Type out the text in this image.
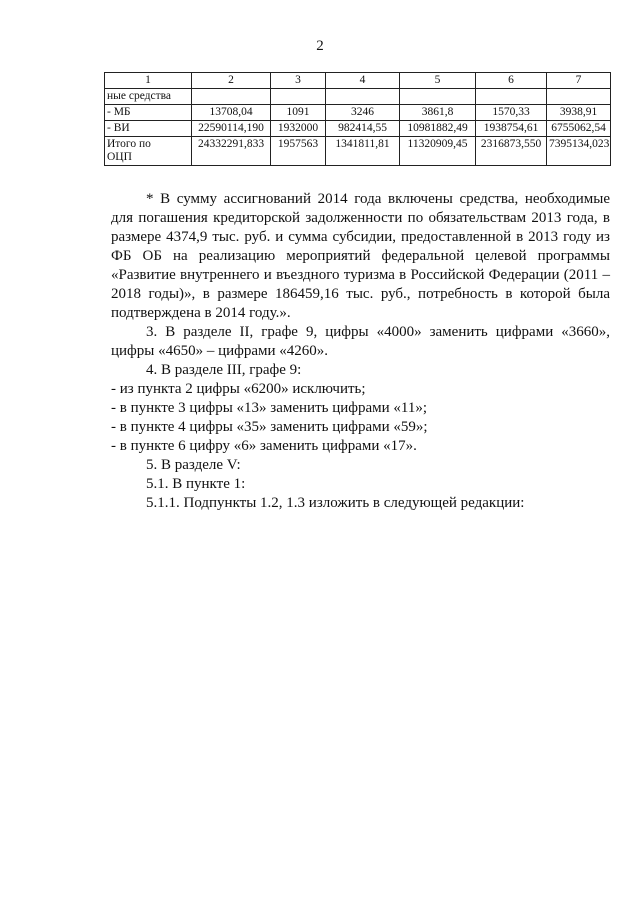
2
1	2	3	4	5	6	7
ные средства						
- МБ	13708,04	1091	3246	3861,8	1570,33	3938,91
- ВИ	22590114,190	1932000	982414,55	10981882,49	1938754,61	6755062,54
Итого по
ОЦП	24332291,833	1957563	1341811,81	11320909,45	2316873,550	7395134,023

* В сумму ассигнований 2014 года включены средства, необходимые для погашения кредиторской задолженности по обязательствам 2013 года, в размере 4374,9 тыс. руб. и сумма субсидии, предоставленной в 2013 году из ФБ ОБ на реализацию мероприятий федеральной целевой программы «Развитие внутреннего и въездного туризма в Российской Федерации (2011 – 2018 годы)», в размере 186459,16 тыс. руб., потребность в которой была подтверждена в 2014 году.».

3. В разделе II, графе 9, цифры «4000» заменить цифрами «3660», цифры «4650» – цифрами «4260».

4. В разделе III, графе 9:

- из пункта 2 цифры «6200» исключить;

- в пункте 3 цифры «13» заменить цифрами «11»;

- в пункте 4 цифры «35» заменить цифрами «59»;

- в пункте 6 цифру «6» заменить цифрами «17».

5. В разделе V:

5.1. В пункте 1:

5.1.1. Подпункты 1.2, 1.3 изложить в следующей редакции:
